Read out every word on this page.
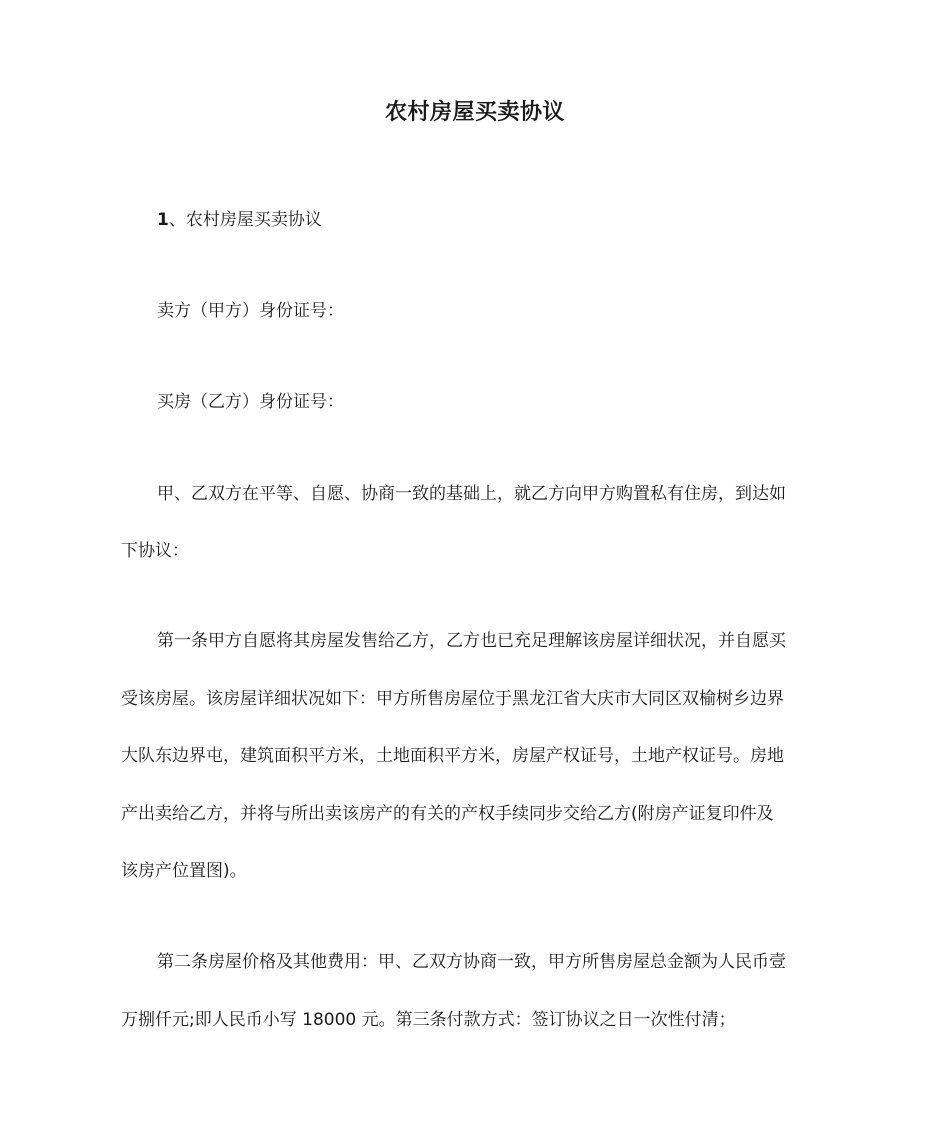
农村房屋买卖协议

1、农村房屋买卖协议

卖方（甲方）身份证号：

买房（乙方）身份证号：

甲、乙双方在平等、自愿、协商一致的基础上，就乙方向甲方购置私有住房，到达如

下协议：

第一条甲方自愿将其房屋发售给乙方，乙方也已充足理解该房屋详细状况，并自愿买

受该房屋。该房屋详细状况如下：甲方所售房屋位于黑龙江省大庆市大同区双榆树乡边界

大队东边界屯，建筑面积平方米，土地面积平方米，房屋产权证号，土地产权证号。房地

产出卖给乙方，并将与所出卖该房产的有关的产权手续同步交给乙方(附房产证复印件及

该房产位置图)。

第二条房屋价格及其他费用：甲、乙双方协商一致，甲方所售房屋总金额为人民币壹

万捌仟元;即人民币小写 18000 元。第三条付款方式：签订协议之日一次性付清；
